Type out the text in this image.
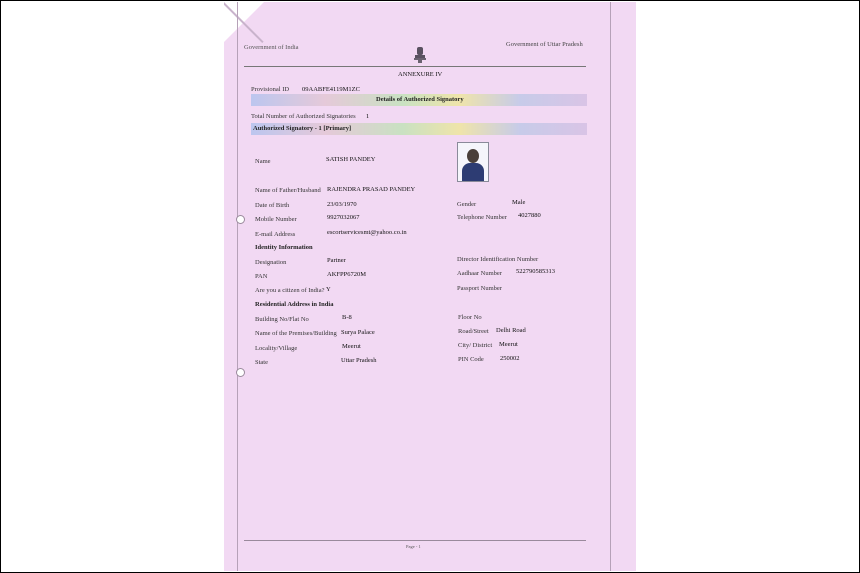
Government of India	Government of Uttar Pradesh
ANNEXURE IV
Provisional ID 09AABFE4119M1ZC
Details of Authorized Signatory
Total Number of Authorized Signatories 1
Authorized Signatory - 1 [Primary]
Name	SATISH PANDEY
Name of Father/Husband RAJENDRA PRASAD PANDEY
Date of Birth	23/03/1970	Gender	Male
Mobile Number	9927032067	Telephone Number 4027880
E-mail Address	escortservicesmt@yahoo.co.in
Identity Information
Designation	Partner	Director Identification Number
PAN	AKFPP6720M	Aadhaar Number 522790585313
Are you a citizen of India? Y	Passport Number
Residential Address in India
Building No/Flat No	B-8	Floor No
Name of the Premises/Building Surya Palace	Road/Street Delhi Road
Locality/Village	Meerut	City/ District Meerut
State	Uttar Pradesh	PIN Code 250002
Page - 1
